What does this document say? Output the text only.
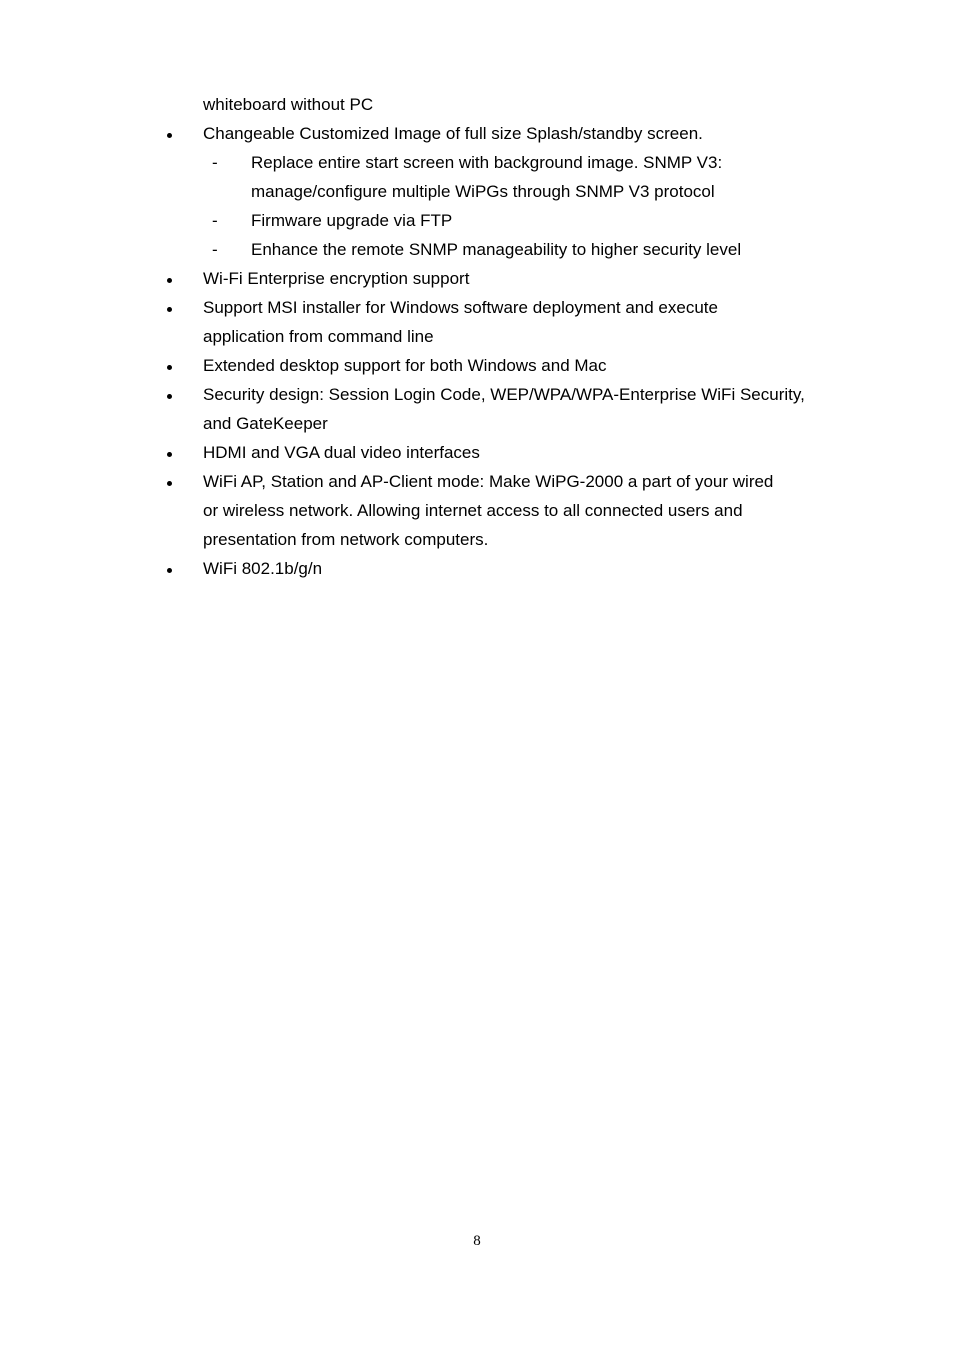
whiteboard without PC
Changeable Customized Image of full size Splash/standby screen.
-	Replace entire start screen with background image. SNMP V3:
manage/configure multiple WiPGs through SNMP V3 protocol
-	Firmware upgrade via FTP
-	Enhance the remote SNMP manageability to higher security level
Wi-Fi Enterprise encryption support
Support MSI installer for Windows software deployment and execute
application from command line
Extended desktop support for both Windows and Mac
Security design: Session Login Code, WEP/WPA/WPA-Enterprise WiFi Security,
and GateKeeper
HDMI and VGA dual video interfaces
WiFi AP, Station and AP-Client mode: Make WiPG-2000 a part of your wired
or wireless network. Allowing internet access to all connected users and
presentation from network computers.
WiFi 802.1b/g/n
8
